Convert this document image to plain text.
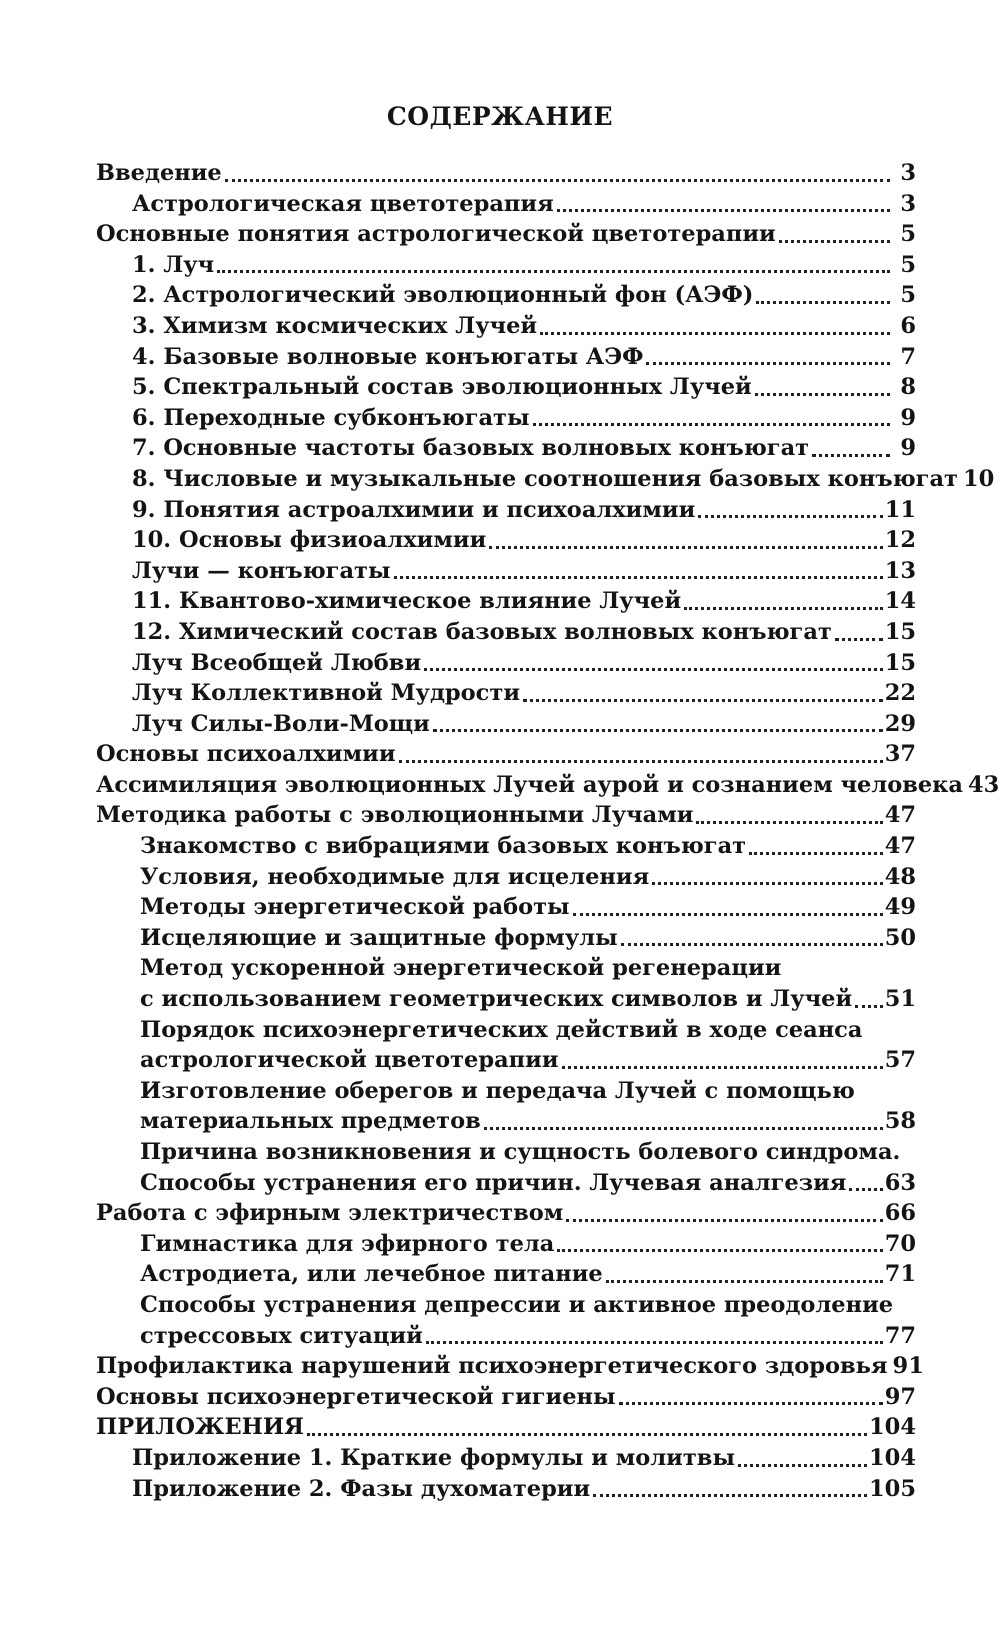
СОДЕРЖАНИЕ
Введение	3
Астрологическая цветотерапия	3
Основные понятия астрологической цветотерапии	5
1. Луч	5
2. Астрологический эволюционный фон (АЭФ)	5
3. Химизм космических Лучей	6
4. Базовые волновые конъюгаты АЭФ	7
5. Спектральный состав эволюционных Лучей	8
6. Переходные субконъюгаты	9
7. Основные частоты базовых волновых конъюгат	9
8. Числовые и музыкальные соотношения базовых конъюгат 10
9. Понятия астроалхимии и психоалхимии	11
10. Основы физиоалхимии	12
Лучи — конъюгаты	13
11. Квантово-химическое влияние Лучей	14
12. Химический состав базовых волновых конъюгат 15
Луч Всеобщей Любви	15
Луч Коллективной Мудрости	22
Луч Силы-Воли-Мощи	29
Основы психоалхимии	37
Ассимиляция эволюционных Лучей аурой и сознанием человека 43
Методика работы с эволюционными Лучами	47
Знакомство с вибрациями базовых конъюгат	47
Условия, необходимые для исцеления	48
Методы энергетической работы	49
Исцеляющие и защитные формулы	50
Метод ускоренной энергетической регенерации
с использованием геометрических символов и Лучей 51
Порядок психоэнергетических действий в ходе сеанса
астрологической цветотерапии	57
Изготовление оберегов и передача Лучей с помощью
материальных предметов	58
Причина возникновения и сущность болевого синдрома.
Способы устранения его причин. Лучевая аналгезия 63
Работа с эфирным электричеством	66
Гимнастика для эфирного тела	70
Астродиета, или лечебное питание	71
Способы устранения депрессии и активное преодоление
стрессовых ситуаций	77
Профилактика нарушений психоэнергетического здоровья 91
Основы психоэнергетической гигиены	97
ПРИЛОЖЕНИЯ	104
Приложение 1. Краткие формулы и молитвы	104
Приложение 2. Фазы духоматерии	105
